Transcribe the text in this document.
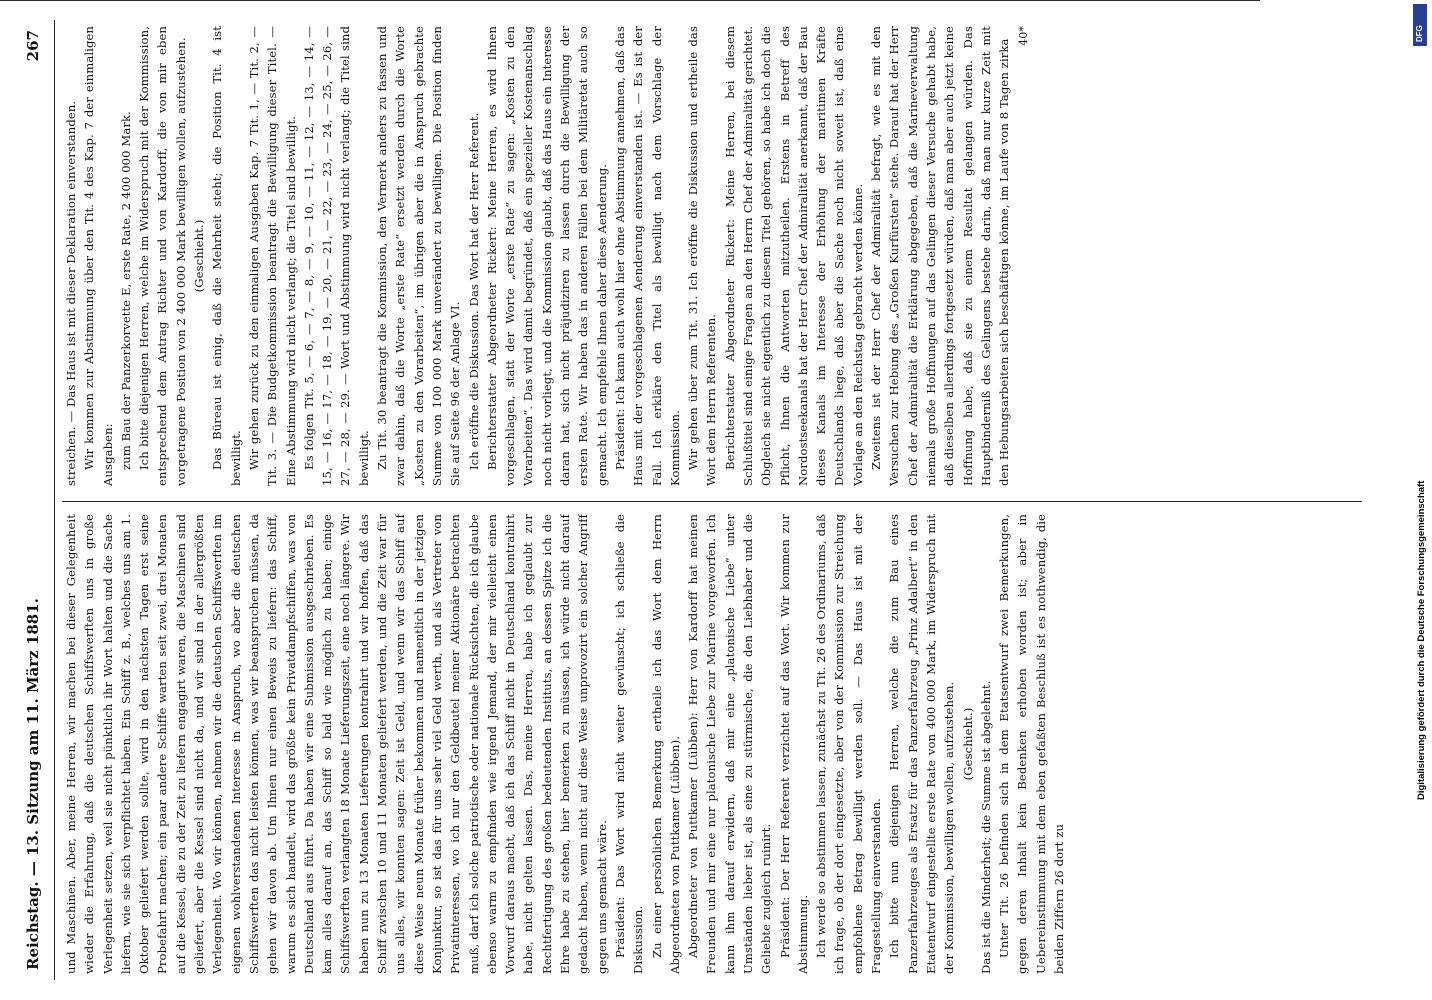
Reichstag. — 13. Sitzung am 11. März 1881.
267

und Maschinen. Aber, meine Herren, wir machen bei dieser Gelegenheit wieder die Erfahrung, daß die deutschen Schiffswerften uns in große Verlegenheit setzen, weil sie nicht pünktlich ihr Wort halten und die Sache liefern, wie sie sich verpflichtet haben. Ein Schiff z. B., welches uns am 1. Oktober geliefert werden sollte, wird in den nächsten Tagen erst seine Probefahrt machen; ein paar andere Schiffe warten seit zwei, drei Monaten auf die Kessel, die zu der Zeit zu liefern engagirt waren, die Maschinen sind geliefert, aber die Kessel sind nicht da, und wir sind in der allergrößten Verlegenheit. Wo wir können, nehmen wir die deutschen Schiffswerften im eigenen wohlverstandenen Interesse in Anspruch, wo aber die deutschen Schiffswerften das nicht leisten können, was wir beanspruchen müssen, da gehen wir davon ab. Um Ihnen nur einen Beweis zu liefern: das Schiff, warum es sich handelt, wird das größte kein Privatdampfschiffen, was von Deutschland aus führt. Da haben wir eine Submission ausgeschrieben. Es kam alles darauf an, das Schiff so bald wie möglich zu haben; einige Schiffswerften verlangten 18 Monate Lieferungszeit, eine noch längere. Wir haben nun zu 13 Monaten Lieferungen kontrahirt und wir hoffen, daß das Schiff zwischen 10 und 11 Monaten geliefert werden, und die Zeit war für uns alles, wir konnten sagen: Zeit ist Geld, und wenn wir das Schiff auf diese Weise neun Monate früher bekommen und namentlich in der jetzigen Konjunktur, so ist das für uns sehr viel Geld werth, und als Vertreter von Privatinteressen, wo ich nur den Geldbeutel meiner Aktionäre betrachten muß, darf ich solche patriotische oder nationale Rücksichten, die ich glaube ebenso warm zu empfinden wie irgend Jemand, der mir vielleicht einen Vorwurf daraus macht, daß ich das Schiff nicht in Deutschland kontrahirt habe, nicht gelten lassen. Das, meine Herren, habe ich geglaubt zur Rechtfertigung des großen bedeutenden Instituts, an dessen Spitze ich die Ehre habe zu stehen, hier bemerken zu müssen, ich würde nicht darauf gedacht haben, wenn nicht auf diese Weise unprovozirt ein solcher Angriff gegen uns gemacht wäre. Präsident: Das Wort wird nicht weiter gewünscht; ich schließe die Diskussion. Zu einer persönlichen Bemerkung ertheile ich das Wort dem Herrn Abgeordneten von Puttkamer (Lübben). Abgeordneter von Puttkamer (Lübben): Herr von Kardorff hat meinen Freunden und mir eine nur platonische Liebe zur Marine vorgeworfen. Ich kann ihm darauf erwidern, daß mir eine „platonische Liebe“ unter Umständen lieber ist, als eine zu stürmische, die den Liebhaber und die Geliebte zugleich ruinirt. Präsident: Der Herr Referent verzichtet auf das Wort. Wir kommen zur Abstimmung. Ich werde so abstimmen lassen, zunächst zu Tit. 26 des Ordinariums, daß ich frage, ob der dort eingesetzte, aber von der Kommission zur Streichung empfohlene Betrag bewilligt werden soll. — Das Haus ist mit der Fragestellung einverstanden. Ich bitte nun diejenigen Herren, welche die zum Bau eines Panzerfahrzeuges als Ersatz für das Panzerfahrzeug „Prinz Adalbert“ in den Etatentwurf eingestellte erste Rate von 400 000 Mark, im Widerspruch mit der Kommission, bewilligen wollen, aufzustehen. (Geschieht.) Das ist die Minderheit; die Summe ist abgelehnt. Unter Tit. 26 befinden sich in dem Etatsentwurf zwei Bemerkungen, gegen deren Inhalt kein Bedenken erhoben worden ist; aber in Uebereinstimmung mit dem eben gefaßten Beschluß ist es nothwendig, die beiden Ziffern 26 dort zu

streichen. — Das Haus ist mit dieser Deklaration einverstanden. Wir kommen zur Abstimmung über den Tit. 4 des Kap. 7 der einmaligen Ausgaben: zum Bau der Panzerkorvette E, erste Rate, 2 400 000 Mark. Ich bitte diejenigen Herren, welche im Widerspruch mit der Kommission, entsprechend dem Antrag Richter und von Kardorff, die von mir eben vorgetragene Position von 2 400 000 Mark bewilligen wollen, aufzustehen. (Geschieht.) Das Büreau ist einig, daß die Mehrheit steht; die Position Tit. 4 ist bewilligt. Wir gehen zurück zu den einmaligen Ausgaben Kap. 7 Tit. 1, — Tit. 2, — Tit. 3. — Die Budgetkommission beantragt die Bewilligung dieser Titel. — Eine Abstimmung wird nicht verlangt; die Titel sind bewilligt. Es folgen Tit. 5, — 6, — 7, — 8, — 9, — 10, — 11, — 12, — 13, — 14, — 15, — 16, — 17, — 18, — 19, — 20, — 21, — 22, — 23, — 24, — 25, — 26, — 27, — 28, — 29. — Wort und Abstimmung wird nicht verlangt; die Titel sind bewilligt. Zu Tit. 30 beantragt die Kommission, den Vermerk anders zu fassen und zwar dahin, daß die Worte „erste Rate“ ersetzt werden durch die Worte „Kosten zu den Vorarbeiten“, im übrigen aber die in Anspruch gebrachte Summe von 100 000 Mark unverändert zu bewilligen. Die Position finden Sie auf Seite 96 der Anlage VI. Ich eröffne die Diskussion. Das Wort hat der Herr Referent. Berichterstatter Abgeordneter Rickert: Meine Herren, es wird Ihnen vorgeschlagen, statt der Worte „erste Rate“ zu sagen: „Kosten zu den Vorarbeiten“. Das wird damit begründet, daß ein spezieller Kostenanschlag noch nicht vorliegt, und die Kommission glaubt, daß das Haus ein Interesse daran hat, sich nicht präjudiziren zu lassen durch die Bewilligung der ersten Rate. Wir haben das in anderen Fällen bei dem Militäretat auch so gemacht. Ich empfehle Ihnen daher diese Aenderung. Präsident: Ich kann auch wohl hier ohne Abstimmung annehmen, daß das Haus mit der vorgeschlagenen Aenderung einverstanden ist. — Es ist der Fall. Ich erkläre den Titel als bewilligt nach dem Vorschlage der Kommission. Wir gehen über zum Tit. 31. Ich eröffne die Diskussion und ertheile das Wort dem Herrn Referenten. Berichterstatter Abgeordneter Rickert: Meine Herren, bei diesem Schlußtitel sind einige Fragen an den Herrn Chef der Admiralität gerichtet. Obgleich sie nicht eigentlich zu diesem Titel gehören, so habe ich doch die Pflicht, Ihnen die Antworten mitzutheilen. Erstens in Betreff des Nordostseekanals hat der Herr Chef der Admiralität anerkannt, daß der Bau dieses Kanals im Interesse der Erhöhung der maritimen Kräfte Deutschlands liege, daß aber die Sache noch nicht soweit ist, daß eine Vorlage an den Reichstag gebracht werden könne. Zweitens ist der Herr Chef der Admiralität befragt, wie es mit den Versuchen zur Hebung des „Großen Kurfürsten“ stehe. Darauf hat der Herr Chef der Admiralität die Erklärung abgegeben, daß die Marineverwaltung niemals große Hoffnungen auf das Gelingen dieser Versuche gehabt habe, daß dieselben allerdings fortgesetzt würden, daß man aber auch jetzt keine Hoffnung habe, daß sie zu einem Resultat gelangen würden. Das Hauptbinderniß des Gelingens bestehe darin, daß man nur kurze Zeit mit den Hebungsarbeiten sich beschäftigen könne, im Laufe von 8 Tagen zirka

40*
Digitalisierung gefördert durch die Deutsche Forschungsgemeinschaft
DFG
